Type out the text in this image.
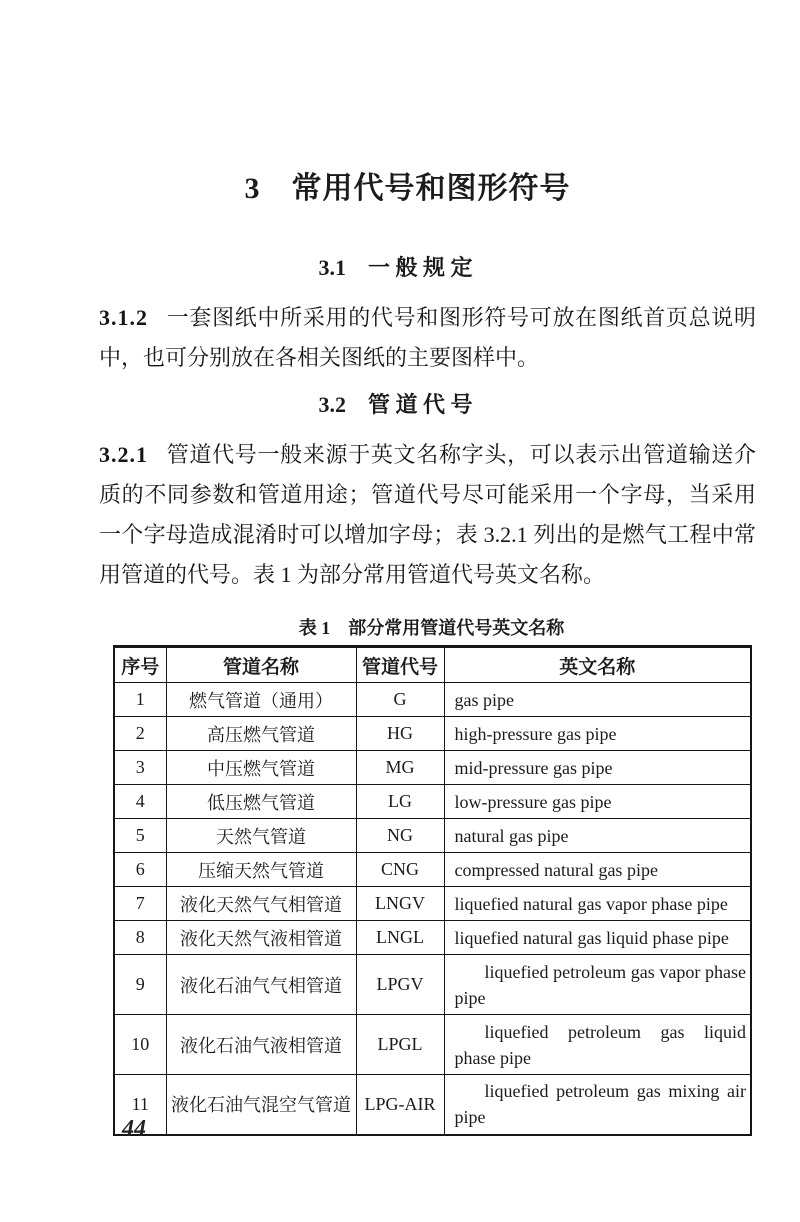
3　常用代号和图形符号
3.1　一 般 规 定

3.1.2 一套图纸中所采用的代号和图形符号可放在图纸首页总说明中，也可分别放在各相关图纸的主要图样中。

3.2　管 道 代 号

3.2.1 管道代号一般来源于英文名称字头，可以表示出管道输送介质的不同参数和管道用途；管道代号尽可能采用一个字母，当采用一个字母造成混淆时可以增加字母；表 3.2.1 列出的是燃气工程中常用管道的代号。表 1 为部分常用管道代号英文名称。

表 1　部分常用管道代号英文名称
序号	管道名称	管道代号	英文名称
1	燃气管道（通用）	G	gas pipe
2	高压燃气管道	HG	high-pressure gas pipe
3	中压燃气管道	MG	mid-pressure gas pipe
4	低压燃气管道	LG	low-pressure gas pipe
5	天然气管道	NG	natural gas pipe
6	压缩天然气管道	CNG	compressed natural gas pipe
7	液化天然气气相管道	LNGV	liquefied natural gas vapor phase pipe
8	液化天然气液相管道	LNGL	liquefied natural gas liquid phase pipe
9	液化石油气气相管道	LPGV	liquefied petroleum gas vapor phase pipe
10	液化石油气液相管道	LPGL	liquefied petroleum gas liquid phase pipe
11	液化石油气混空气管道	LPG-AIR	liquefied petroleum gas mixing air pipe
44
